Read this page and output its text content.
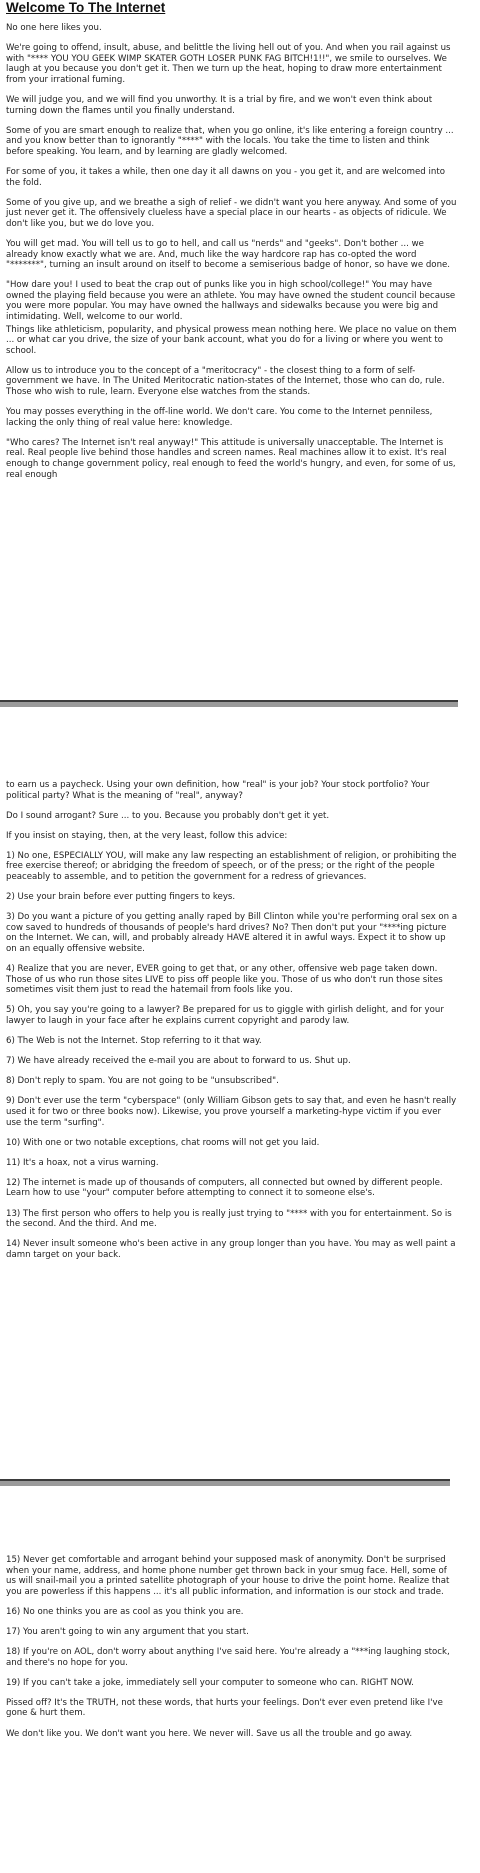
Welcome To The Internet

No one here likes you.

We're going to offend, insult, abuse, and belittle the living hell out of you. And when you rail against us with "**** YOU YOU GEEK WIMP SKATER GOTH LOSER PUNK FAG BITCH!1!!", we smile to ourselves. We laugh at you because you don't get it. Then we turn up the heat, hoping to draw more entertainment from your irrational fuming.

We will judge you, and we will find you unworthy. It is a trial by fire, and we won't even think about turning down the flames until you finally understand.

Some of you are smart enough to realize that, when you go online, it's like entering a foreign country ... and you know better than to ignorantly "****" with the locals. You take the time to listen and think before speaking. You learn, and by learning are gladly welcomed.

For some of you, it takes a while, then one day it all dawns on you - you get it, and are welcomed into the fold.

Some of you give up, and we breathe a sigh of relief - we didn't want you here anyway. And some of you just never get it. The offensively clueless have a special place in our hearts - as objects of ridicule. We don't like you, but we do love you.

You will get mad. You will tell us to go to hell, and call us "nerds" and "geeks". Don't bother ... we already know exactly what we are. And, much like the way hardcore rap has co-opted the word "*******", turning an insult around on itself to become a semiserious badge of honor, so have we done.

"How dare you! I used to beat the crap out of punks like you in high school/college!" You may have owned the playing field because you were an athlete. You may have owned the student council because you were more popular. You may have owned the hallways and sidewalks because you were big and intimidating. Well, welcome to our world.

Things like athleticism, popularity, and physical prowess mean nothing here. We place no value on them ... or what car you drive, the size of your bank account, what you do for a living or where you went to school.

Allow us to introduce you to the concept of a "meritocracy" - the closest thing to a form of self-government we have. In The United Meritocratic nation-states of the Internet, those who can do, rule. Those who wish to rule, learn. Everyone else watches from the stands.

You may posses everything in the off-line world. We don't care. You come to the Internet penniless, lacking the only thing of real value here: knowledge.

"Who cares? The Internet isn't real anyway!" This attitude is universally unacceptable. The Internet is real. Real people live behind those handles and screen names. Real machines allow it to exist. It's real enough to change government policy, real enough to feed the world's hungry, and even, for some of us, real enough

to earn us a paycheck. Using your own definition, how "real" is your job? Your stock portfolio? Your political party? What is the meaning of "real", anyway?

Do I sound arrogant? Sure ... to you. Because you probably don't get it yet.

If you insist on staying, then, at the very least, follow this advice:

1) No one, ESPECIALLY YOU, will make any law respecting an establishment of religion, or prohibiting the free exercise thereof; or abridging the freedom of speech, or of the press; or the right of the people peaceably to assemble, and to petition the government for a redress of grievances.

2) Use your brain before ever putting fingers to keys.

3) Do you want a picture of you getting anally raped by Bill Clinton while you're performing oral sex on a cow saved to hundreds of thousands of people's hard drives? No? Then don't put your "****ing picture on the Internet. We can, will, and probably already HAVE altered it in awful ways. Expect it to show up on an equally offensive website.

4) Realize that you are never, EVER going to get that, or any other, offensive web page taken down. Those of us who run those sites LIVE to piss off people like you. Those of us who don't run those sites sometimes visit them just to read the hatemail from fools like you.

5) Oh, you say you're going to a lawyer? Be prepared for us to giggle with girlish delight, and for your lawyer to laugh in your face after he explains current copyright and parody law.

6) The Web is not the Internet. Stop referring to it that way.

7) We have already received the e-mail you are about to forward to us. Shut up.

8) Don't reply to spam. You are not going to be "unsubscribed".

9) Don't ever use the term "cyberspace" (only William Gibson gets to say that, and even he hasn't really used it for two or three books now). Likewise, you prove yourself a marketing-hype victim if you ever use the term "surfing".

10) With one or two notable exceptions, chat rooms will not get you laid.

11) It's a hoax, not a virus warning.

12) The internet is made up of thousands of computers, all connected but owned by different people. Learn how to use "your" computer before attempting to connect it to someone else's.

13) The first person who offers to help you is really just trying to "**** with you for entertainment. So is the second. And the third. And me.

14) Never insult someone who's been active in any group longer than you have. You may as well paint a damn target on your back.

15) Never get comfortable and arrogant behind your supposed mask of anonymity. Don't be surprised when your name, address, and home phone number get thrown back in your smug face. Hell, some of us will snail-mail you a printed satellite photograph of your house to drive the point home. Realize that you are powerless if this happens ... it's all public information, and information is our stock and trade.

16) No one thinks you are as cool as you think you are.

17) You aren't going to win any argument that you start.

18) If you're on AOL, don't worry about anything I've said here. You're already a "***ing laughing stock, and there's no hope for you.

19) If you can't take a joke, immediately sell your computer to someone who can. RIGHT NOW.

Pissed off? It's the TRUTH, not these words, that hurts your feelings. Don't ever even pretend like I've gone & hurt them.

We don't like you. We don't want you here. We never will. Save us all the trouble and go away.
